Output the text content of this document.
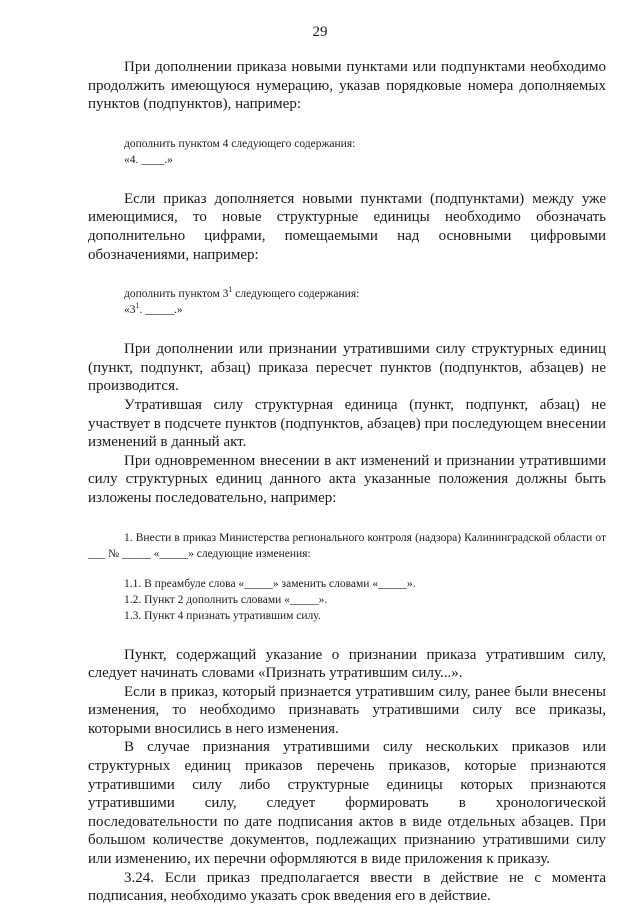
29

При дополнении приказа новыми пунктами или подпунктами необходимо продолжить имеющуюся нумерацию, указав порядковые номера дополняемых пунктов (подпунктов), например:

дополнить пунктом 4 следующего содержания:

«4. ____.»

Если приказ дополняется новыми пунктами (подпунктами) между уже имеющимися, то новые структурные единицы необходимо обозначать дополнительно цифрами, помещаемыми над основными цифровыми обозначениями, например:

дополнить пунктом $3^1$ следующего содержания:

«$3^1$. _____.»

При дополнении или признании утратившими силу структурных единиц (пункт, подпункт, абзац) приказа пересчет пунктов (подпунктов, абзацев) не производится.

Утратившая силу структурная единица (пункт, подпункт, абзац) не участвует в подсчете пунктов (подпунктов, абзацев) при последующем внесении изменений в данный акт.

При одновременном внесении в акт изменений и признании утратившими силу структурных единиц данного акта указанные положения должны быть изложены последовательно, например:

1. Внести в приказ Министерства регионального контроля (надзора) Калининградской области от ___ № _____ «_____» следующие изменения:

1.1. В преамбуле слова «_____» заменить словами «_____».

1.2. Пункт 2 дополнить словами «_____».

1.3. Пункт 4 признать утратившим силу.

Пункт, содержащий указание о признании приказа утратившим силу, следует начинать словами «Признать утратившим силу...».

Если в приказ, который признается утратившим силу, ранее были внесены изменения, то необходимо признавать утратившими силу все приказы, которыми вносились в него изменения.

В случае признания утратившими силу нескольких приказов или структурных единиц приказов перечень приказов, которые признаются утратившими силу либо структурные единицы которых признаются утратившими силу, следует формировать в хронологической последовательности по дате подписания актов в виде отдельных абзацев. При большом количестве документов, подлежащих признанию утратившими силу или изменению, их перечни оформляются в виде приложения к приказу.

3.24. Если приказ предполагается ввести в действие не с момента подписания, необходимо указать срок введения его в действие.
